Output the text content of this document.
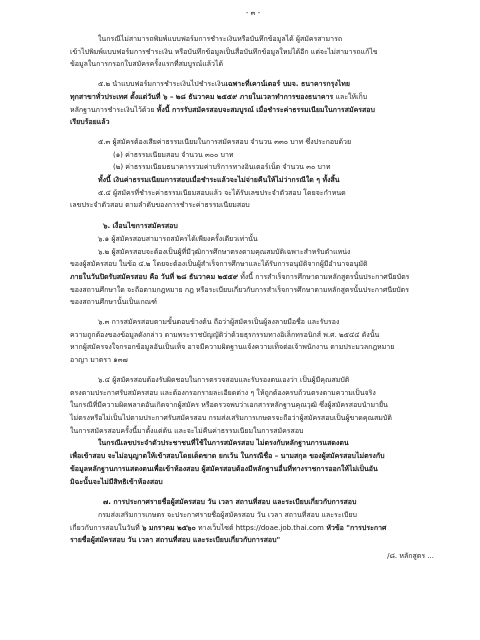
- ๓ -

ในกรณีไม่สามารถพิมพ์แบบฟอร์มการชำระเงินหรือบันทึกข้อมูลได้ ผู้สมัครสามารถ

เข้าไปพิมพ์แบบฟอร์มการชำระเงิน หรือบันทึกข้อมูลเป็นสื่อบันทึกข้อมูลใหม่ได้อีก แต่จะไม่สามารถแก้ไข

ข้อมูลในการกรอกใบสมัครครั้งแรกที่สมบูรณ์แล้วได้

๕.๒ นำแบบฟอร์มการชำระเงินไปชำระเงินเฉพาะที่เคาน์เตอร์ บมจ. ธนาคารกรุงไทย

ทุกสาขาทั่วประเทศ ตั้งแต่วันที่ ๖ – ๒๘ ธันวาคม ๒๕๕๙ ภายในเวลาทำการของธนาคาร และให้เก็บ

หลักฐานการชำระเงินไว้ด้วย ทั้งนี้ การรับสมัครสอบจะสมบูรณ์ เมื่อชำระค่าธรรมเนียมในการสมัครสอบ

เรียบร้อยแล้ว

๕.๓ ผู้สมัครต้องเสียค่าธรรมเนียมในการสมัครสอบ จำนวน ๓๓๐ บาท ซึ่งประกอบด้วย

(๑) ค่าธรรมเนียมสอบ จำนวน ๓๐๐ บาท

(๒) ค่าธรรมเนียมธนาคารรวมค่าบริการทางอินเตอร์เน็ต จำนวน ๓๐ บาท

ทั้งนี้ เงินค่าธรรมเนียมการสอบเมื่อชำระแล้วจะไม่จ่ายคืนให้ไม่ว่ากรณีใด ๆ ทั้งสิ้น

๕.๔ ผู้สมัครที่ชำระค่าธรรมเนียมสอบแล้ว จะได้รับเลขประจำตัวสอบ โดยจะกำหนด

เลขประจำตัวสอบ ตามลำดับของการชำระค่าธรรมเนียมสอบ

๖. เงื่อนไขการสมัครสอบ

๖.๑ ผู้สมัครสอบสามารถสมัครได้เพียงครั้งเดียวเท่านั้น

๖.๒ ผู้สมัครสอบจะต้องเป็นผู้ที่มีวุฒิการศึกษาตรงตามคุณสมบัติเฉพาะสำหรับตำแหน่ง

ของผู้สมัครสอบ ในข้อ ๔.๒ โดยจะต้องเป็นผู้สำเร็จการศึกษาและได้รับการอนุมัติจากผู้มีอำนาจอนุมัติ

ภายในวันปิดรับสมัครสอบ คือ วันที่ ๒๘ ธันวาคม ๒๕๕๙ ทั้งนี้ การสำเร็จการศึกษาตามหลักสูตรนั้นประกาศนียบัตร

ของสถานศึกษาใด จะถือตามกฎหมาย กฎ หรือระเบียบเกี่ยวกับการสำเร็จการศึกษาตามหลักสูตรนั้นประกาศนียบัตร

ของสถานศึกษานั้นเป็นเกณฑ์

๖.๓ การสมัครสอบตามขั้นตอนข้างต้น ถือว่าผู้สมัครเป็นผู้ลงลายมือชื่อ และรับรอง

ความถูกต้องของข้อมูลดังกล่าว ตามพระราชบัญญัติว่าด้วยธุรกรรมทางอิเล็กทรอนิกส์ พ.ศ. ๒๕๔๔ ดังนั้น

หากผู้สมัครจงใจกรอกข้อมูลอันเป็นเท็จ อาจมีความผิดฐานแจ้งความเท็จต่อเจ้าพนักงาน ตามประมวลกฎหมาย

อาญา มาตรา ๑๓๗

๖.๔ ผู้สมัครสอบต้องรับผิดชอบในการตรวจสอบและรับรองตนเองว่า เป็นผู้มีคุณสมบัติ

ตรงตามประกาศรับสมัครสอบ และต้องกรอกรายละเอียดต่าง ๆ ให้ถูกต้องครบถ้วนตรงตามความเป็นจริง

ในกรณีที่มีความผิดพลาดอันเกิดจากผู้สมัคร หรือตรวจพบว่าเอกสารหลักฐานคุณวุฒิ ซึ่งผู้สมัครสอบนำมายื่น

ไม่ตรงหรือไม่เป็นไปตามประกาศรับสมัครสอบ กรมส่งเสริมการเกษตรจะถือว่าผู้สมัครสอบเป็นผู้ขาดคุณสมบัติ

ในการสมัครสอบครั้งนี้มาตั้งแต่ต้น และจะไม่คืนค่าธรรมเนียมในการสมัครสอบ

ในกรณีเลขประจำตัวประชาชนที่ใช้ในการสมัครสอบ ไม่ตรงกับหลักฐานการแสดงตน

เพื่อเข้าสอบ จะไม่อนุญาตให้เข้าสอบโดยเด็ดขาด ยกเว้น ในกรณีชื่อ – นามสกุล ของผู้สมัครสอบไม่ตรงกับ

ข้อมูลหลักฐานการแสดงตนเพื่อเข้าห้องสอบ ผู้สมัครสอบต้องมีหลักฐานอื่นที่ทางราชการออกให้ไม่เป็นอัน

มิฉะนั้นจะไม่มีสิทธิเข้าห้องสอบ

๗. การประกาศรายชื่อผู้สมัครสอบ วัน เวลา สถานที่สอบ และระเบียบเกี่ยวกับการสอบ

กรมส่งเสริมการเกษตร จะประกาศรายชื่อผู้สมัครสอบ วัน เวลา สถานที่สอบ และระเบียบ

เกี่ยวกับการสอบในวันที่ ๖ มกราคม ๒๕๖๐ ทางเว็บไซต์ https://doae.job.thai.com หัวข้อ "การประกาศ

รายชื่อผู้สมัครสอบ วัน เวลา สถานที่สอบ และระเบียบเกี่ยวกับการสอบ"

/๘. หลักสูตร ...
